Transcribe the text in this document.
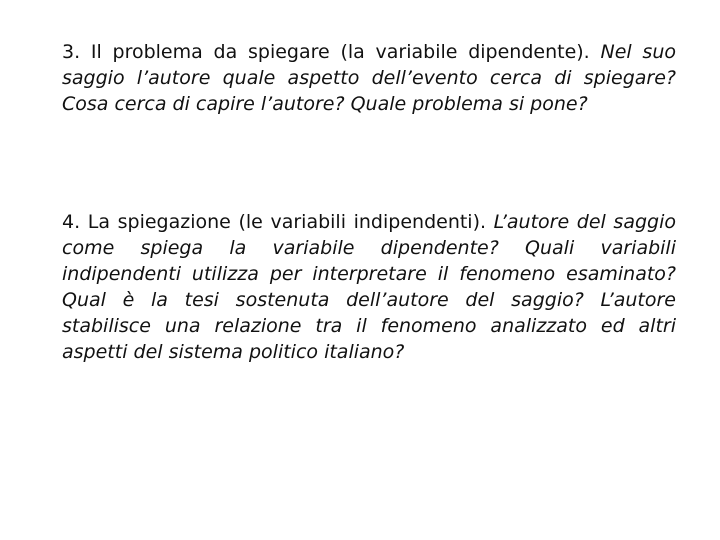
3. Il problema da spiegare (la variabile dipendente). Nel suo saggio l’autore quale aspetto dell’evento cerca di spiegare? Cosa cerca di capire l’autore? Quale problema si pone?

4. La spiegazione (le variabili indipendenti). L’autore del saggio come spiega la variabile dipendente? Quali variabili indipendenti utilizza per interpretare il fenomeno esaminato? Qual è la tesi sostenuta dell’autore del saggio? L’autore stabilisce una relazione tra il fenomeno analizzato ed altri aspetti del sistema politico italiano?
